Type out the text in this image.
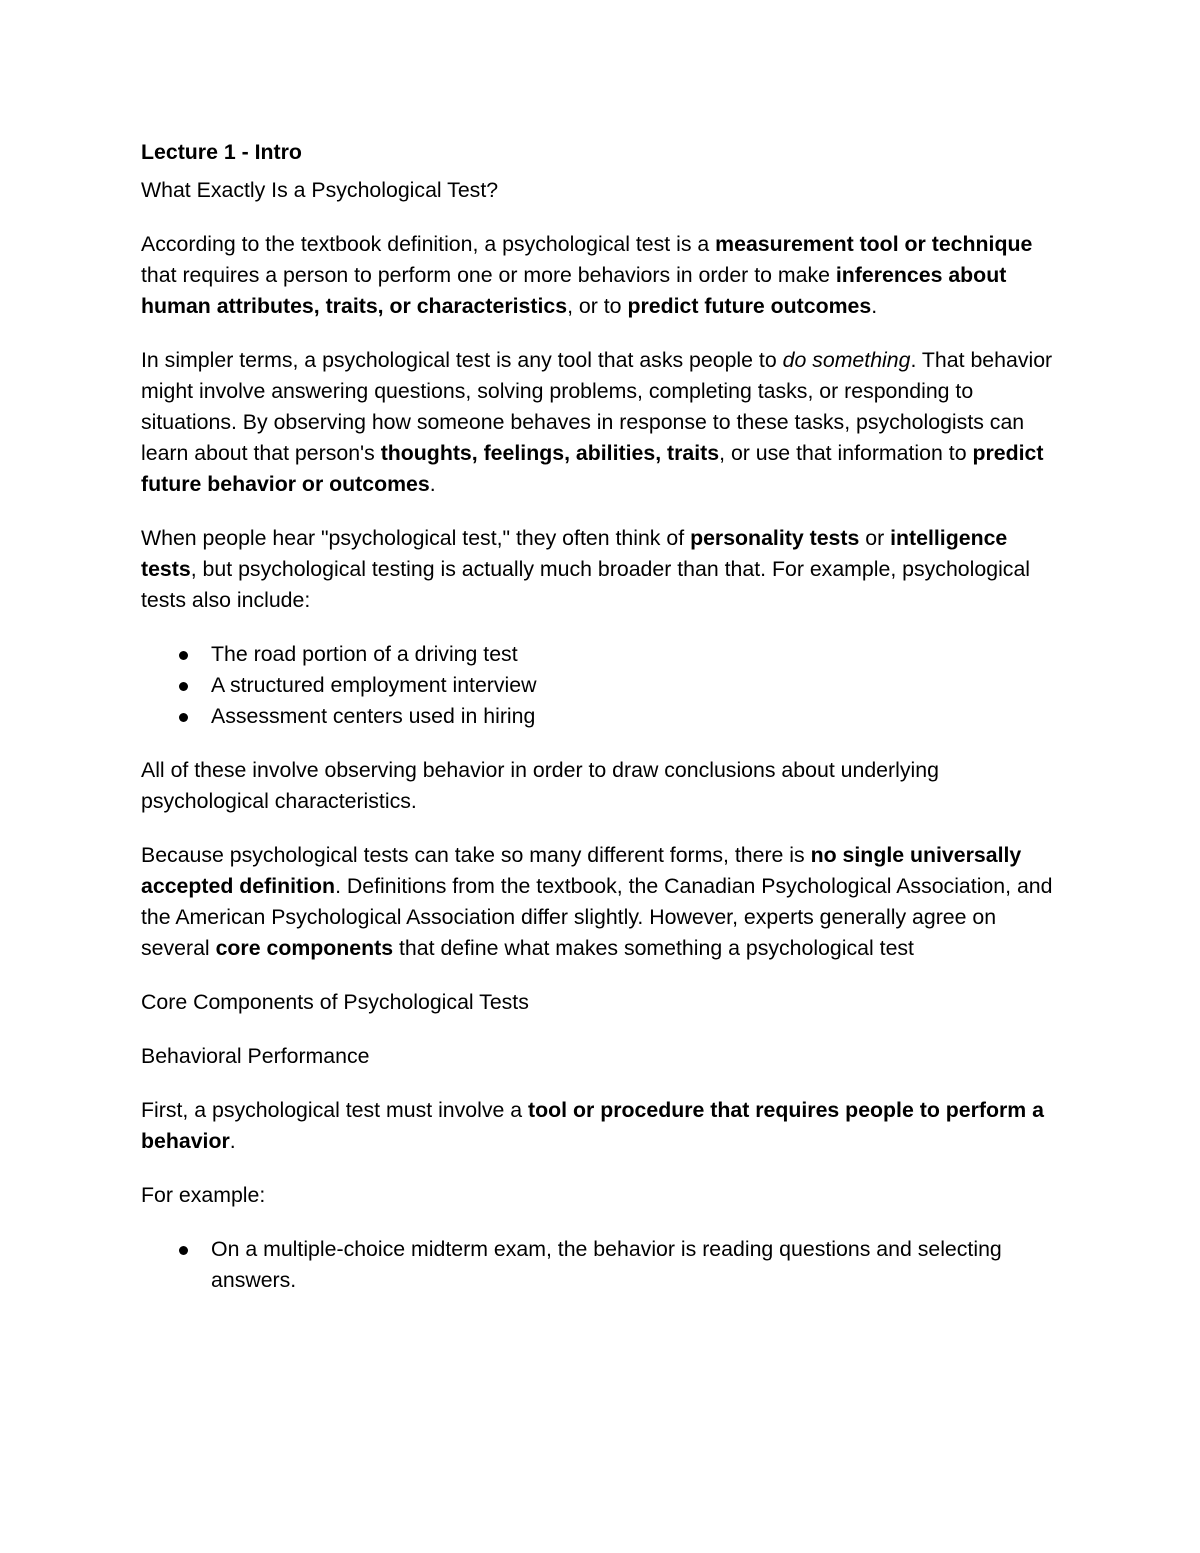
Lecture 1 - Intro
What Exactly Is a Psychological Test?
According to the textbook definition, a psychological test is a measurement tool or technique that requires a person to perform one or more behaviors in order to make inferences about human attributes, traits, or characteristics, or to predict future outcomes.
In simpler terms, a psychological test is any tool that asks people to do something. That behavior might involve answering questions, solving problems, completing tasks, or responding to situations. By observing how someone behaves in response to these tasks, psychologists can learn about that person's thoughts, feelings, abilities, traits, or use that information to predict future behavior or outcomes.
When people hear "psychological test," they often think of personality tests or intelligence tests, but psychological testing is actually much broader than that. For example, psychological tests also include:
The road portion of a driving test
A structured employment interview
Assessment centers used in hiring
All of these involve observing behavior in order to draw conclusions about underlying psychological characteristics.
Because psychological tests can take so many different forms, there is no single universally accepted definition. Definitions from the textbook, the Canadian Psychological Association, and the American Psychological Association differ slightly. However, experts generally agree on several core components that define what makes something a psychological test
Core Components of Psychological Tests
Behavioral Performance
First, a psychological test must involve a tool or procedure that requires people to perform a behavior.
For example:
On a multiple-choice midterm exam, the behavior is reading questions and selecting answers.
